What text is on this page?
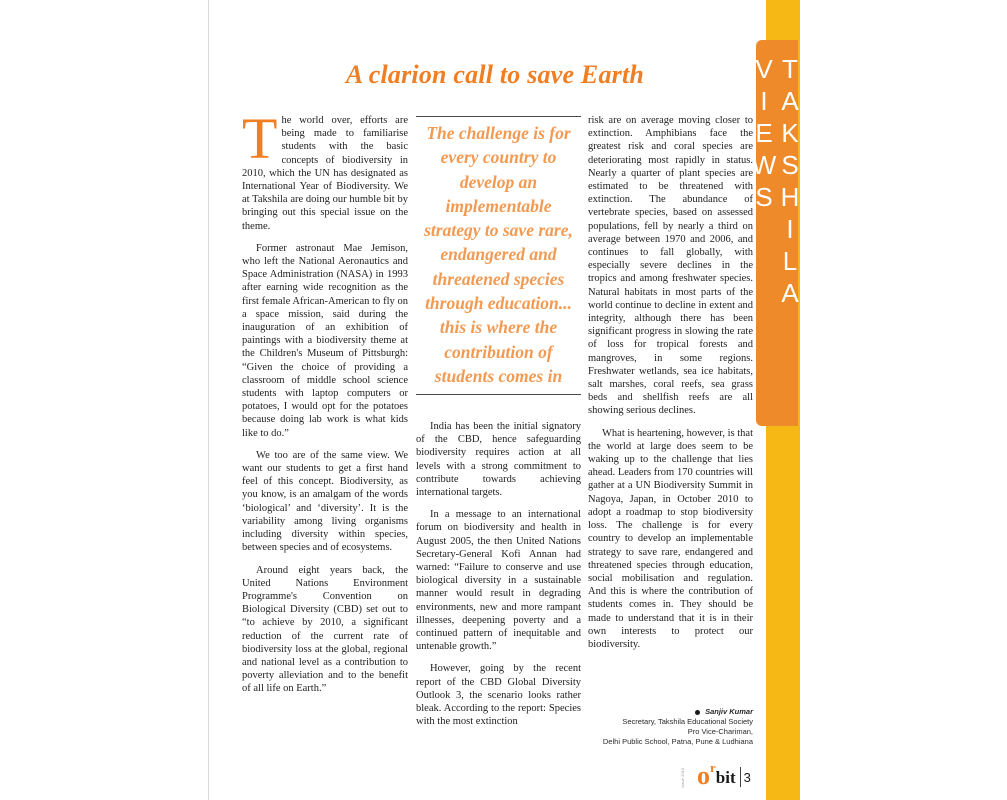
TAKSHILA VIEWS
A clarion call to save Earth

The world over, efforts are being made to familiarise students with the basic concepts of biodiversity in 2010, which the UN has designated as International Year of Biodiversity. We at Takshila are doing our humble bit by bringing out this special issue on the theme.

Former astronaut Mae Jemison, who left the National Aeronautics and Space Administration (NASA) in 1993 after earning wide recognition as the first female African-American to fly on a space mission, said during the inauguration of an exhibition of paintings with a biodiversity theme at the Children's Museum of Pittsburgh: “Given the choice of providing a classroom of middle school science students with laptop computers or potatoes, I would opt for the potatoes because doing lab work is what kids like to do.”

We too are of the same view. We want our students to get a first hand feel of this concept. Biodiversity, as you know, is an amalgam of the words ‘biological’ and ‘diversity’. It is the variability among living organisms including diversity within species, between species and of ecosystems.

Around eight years back, the United Nations Environment Programme's Convention on Biological Diversity (CBD) set out to “to achieve by 2010, a significant reduction of the current rate of biodiversity loss at the global, regional and national level as a contribution to poverty alleviation and to the benefit of all life on Earth.”

The challenge is for every country to develop an implementable strategy to save rare, endangered and threatened species through education... this is where the contribution of students comes in

India has been the initial signatory of the CBD, hence safeguarding biodiversity requires action at all levels with a strong commitment to contribute towards achieving international targets.

In a message to an international forum on biodiversity and health in August 2005, the then United Nations Secretary-General Kofi Annan had warned: “Failure to conserve and use biological diversity in a sustainable manner would result in degrading environments, new and more rampant illnesses, deepening poverty and a continued pattern of inequitable and untenable growth.”

However, going by the recent report of the CBD Global Diversity Outlook 3, the scenario looks rather bleak. According to the report: Species with the most extinction

risk are on average moving closer to extinction. Amphibians face the greatest risk and coral species are deteriorating most rapidly in status. Nearly a quarter of plant species are estimated to be threatened with extinction. The abundance of vertebrate species, based on assessed populations, fell by nearly a third on average between 1970 and 2006, and continues to fall globally, with especially severe declines in the tropics and among freshwater species. Natural habitats in most parts of the world continue to decline in extent and integrity, although there has been significant progress in slowing the rate of loss for tropical forests and mangroves, in some regions. Freshwater wetlands, sea ice habitats, salt marshes, coral reefs, sea grass beds and shellfish reefs are all showing serious declines.

What is heartening, however, is that the world at large does seem to be waking up to the challenge that lies ahead. Leaders from 170 countries will gather at a UN Biodiversity Summit in Nagoya, Japan, in October 2010 to adopt a roadmap to stop biodiversity loss. The challenge is for every country to develop an implementable strategy to save rare, endangered and threatened species through education, social mobilisation and regulation. And this is where the contribution of students comes in. They should be made to understand that it is in their own interests to protect our biodiversity.

Sanjiv Kumar
Secretary, Takshila Educational Society
Pro Vice-Chariman,
Delhi Public School, Patna, Pune & Ludhiana
Issue 2010 o r
bit 3
